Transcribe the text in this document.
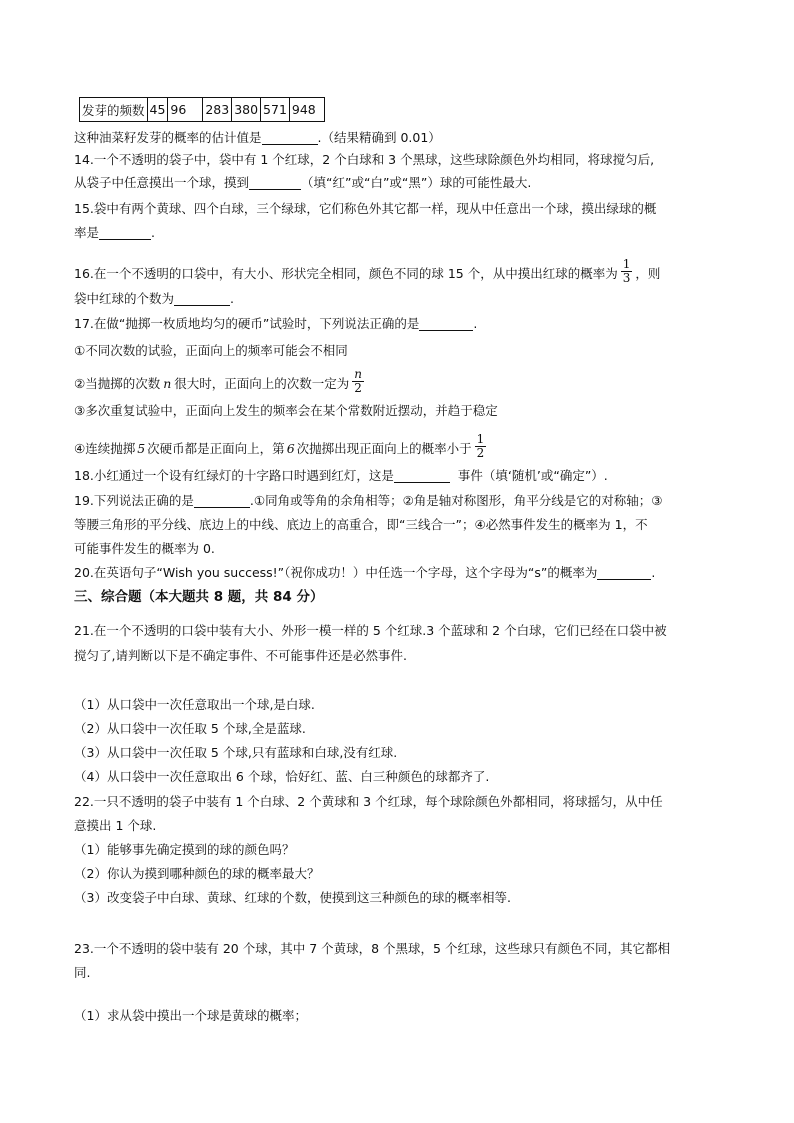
发芽的频数	45	96	283	380	571	948
这种油菜籽发芽的概率的估计值是	.（结果精确到 0.01）
14.一个不透明的袋子中，袋中有 1 个红球，2 个白球和 3 个黑球，这些球除颜色外均相同，将球搅匀后,
从袋子中任意摸出一个球，摸到	（填“红”或“白”或“黑”）球的可能性最大.
15.袋中有两个黄球、四个白球，三个绿球，它们称色外其它都一样，现从中任意出一个球，摸出绿球的概
率是	.
16.在一个不透明的口袋中，有大小、形状完全相同，颜色不同的球 15 个，从中摸出红球的概率为 $\frac{1}{3}$ ，则
袋中红球的个数为	.
17.在做“抛掷一枚质地均匀的硬币”试验时，下列说法正确的是	.
①不同次数的试验，正面向上的频率可能会不相同
②当抛掷的次数 n 很大时，正面向上的次数一定为 $\frac{n}{2}$
③多次重复试验中，正面向上发生的频率会在某个常数附近摆动，并趋于稳定
④连续抛掷 5 次硬币都是正面向上，第 6 次抛掷出现正面向上的概率小于 $\frac{1}{2}$
18.小红通过一个设有红绿灯的十字路口时遇到红灯，这是	事件（填‘随机’或“确定”）.
19.下列说法正确的是	.①同角或等角的余角相等；②角是轴对称图形，角平分线是它的对称轴；③
等腰三角形的平分线、底边上的中线、底边上的高重合，即“三线合一”；④必然事件发生的概率为 1，不
可能事件发生的概率为 0.
20.在英语句子“Wish you success!”（祝你成功！）中任选一个字母，这个字母为“s”的概率为	.
三、综合题（本大题共 8 题，共 84 分）
21.在一个不透明的口袋中装有大小、外形一模一样的 5 个红球.3 个蓝球和 2 个白球，它们已经在口袋中被
搅匀了,请判断以下是不确定事件、不可能事件还是必然事件.
（1）从口袋中一次任意取出一个球,是白球.
（2）从口袋中一次任取 5 个球,全是蓝球.
（3）从口袋中一次任取 5 个球,只有蓝球和白球,没有红球.
（4）从口袋中一次任意取出 6 个球，恰好红、蓝、白三种颜色的球都齐了.
22.一只不透明的袋子中装有 1 个白球、2 个黄球和 3 个红球，每个球除颜色外都相同，将球摇匀，从中任
意摸出 1 个球.
（1）能够事先确定摸到的球的颜色吗？
（2）你认为摸到哪种颜色的球的概率最大？
（3）改变袋子中白球、黄球、红球的个数，使摸到这三种颜色的球的概率相等.
23.一个不透明的袋中装有 20 个球，其中 7 个黄球，8 个黑球，5 个红球，这些球只有颜色不同，其它都相
同.
（1）求从袋中摸出一个球是黄球的概率；
